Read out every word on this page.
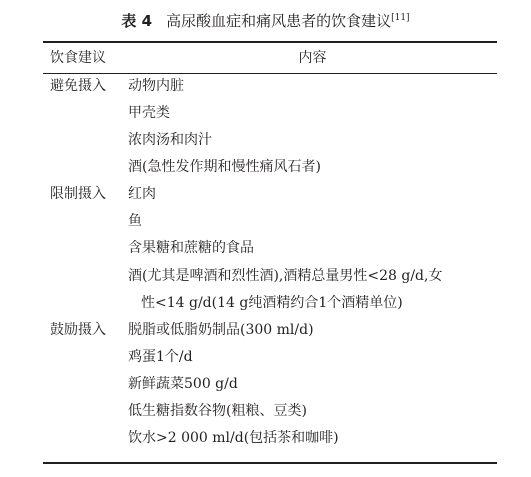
表 4 高尿酸血症和痛风患者的饮食建议[11]
饮食建议	内容
避免摄入 动物内脏
甲壳类
浓肉汤和肉汁
酒(急性发作期和慢性痛风石者)
限制摄入 红肉
鱼
含果糖和蔗糖的食品
酒(尤其是啤酒和烈性酒),酒精总量男性<28 g/d,女
性<14 g/d(14 g纯酒精约合1个酒精单位)
鼓励摄入 脱脂或低脂奶制品(300 ml/d)
鸡蛋1个/d
新鲜蔬菜500 g/d
低生糖指数谷物(粗粮、豆类)
饮水>2 000 ml/d(包括茶和咖啡)
